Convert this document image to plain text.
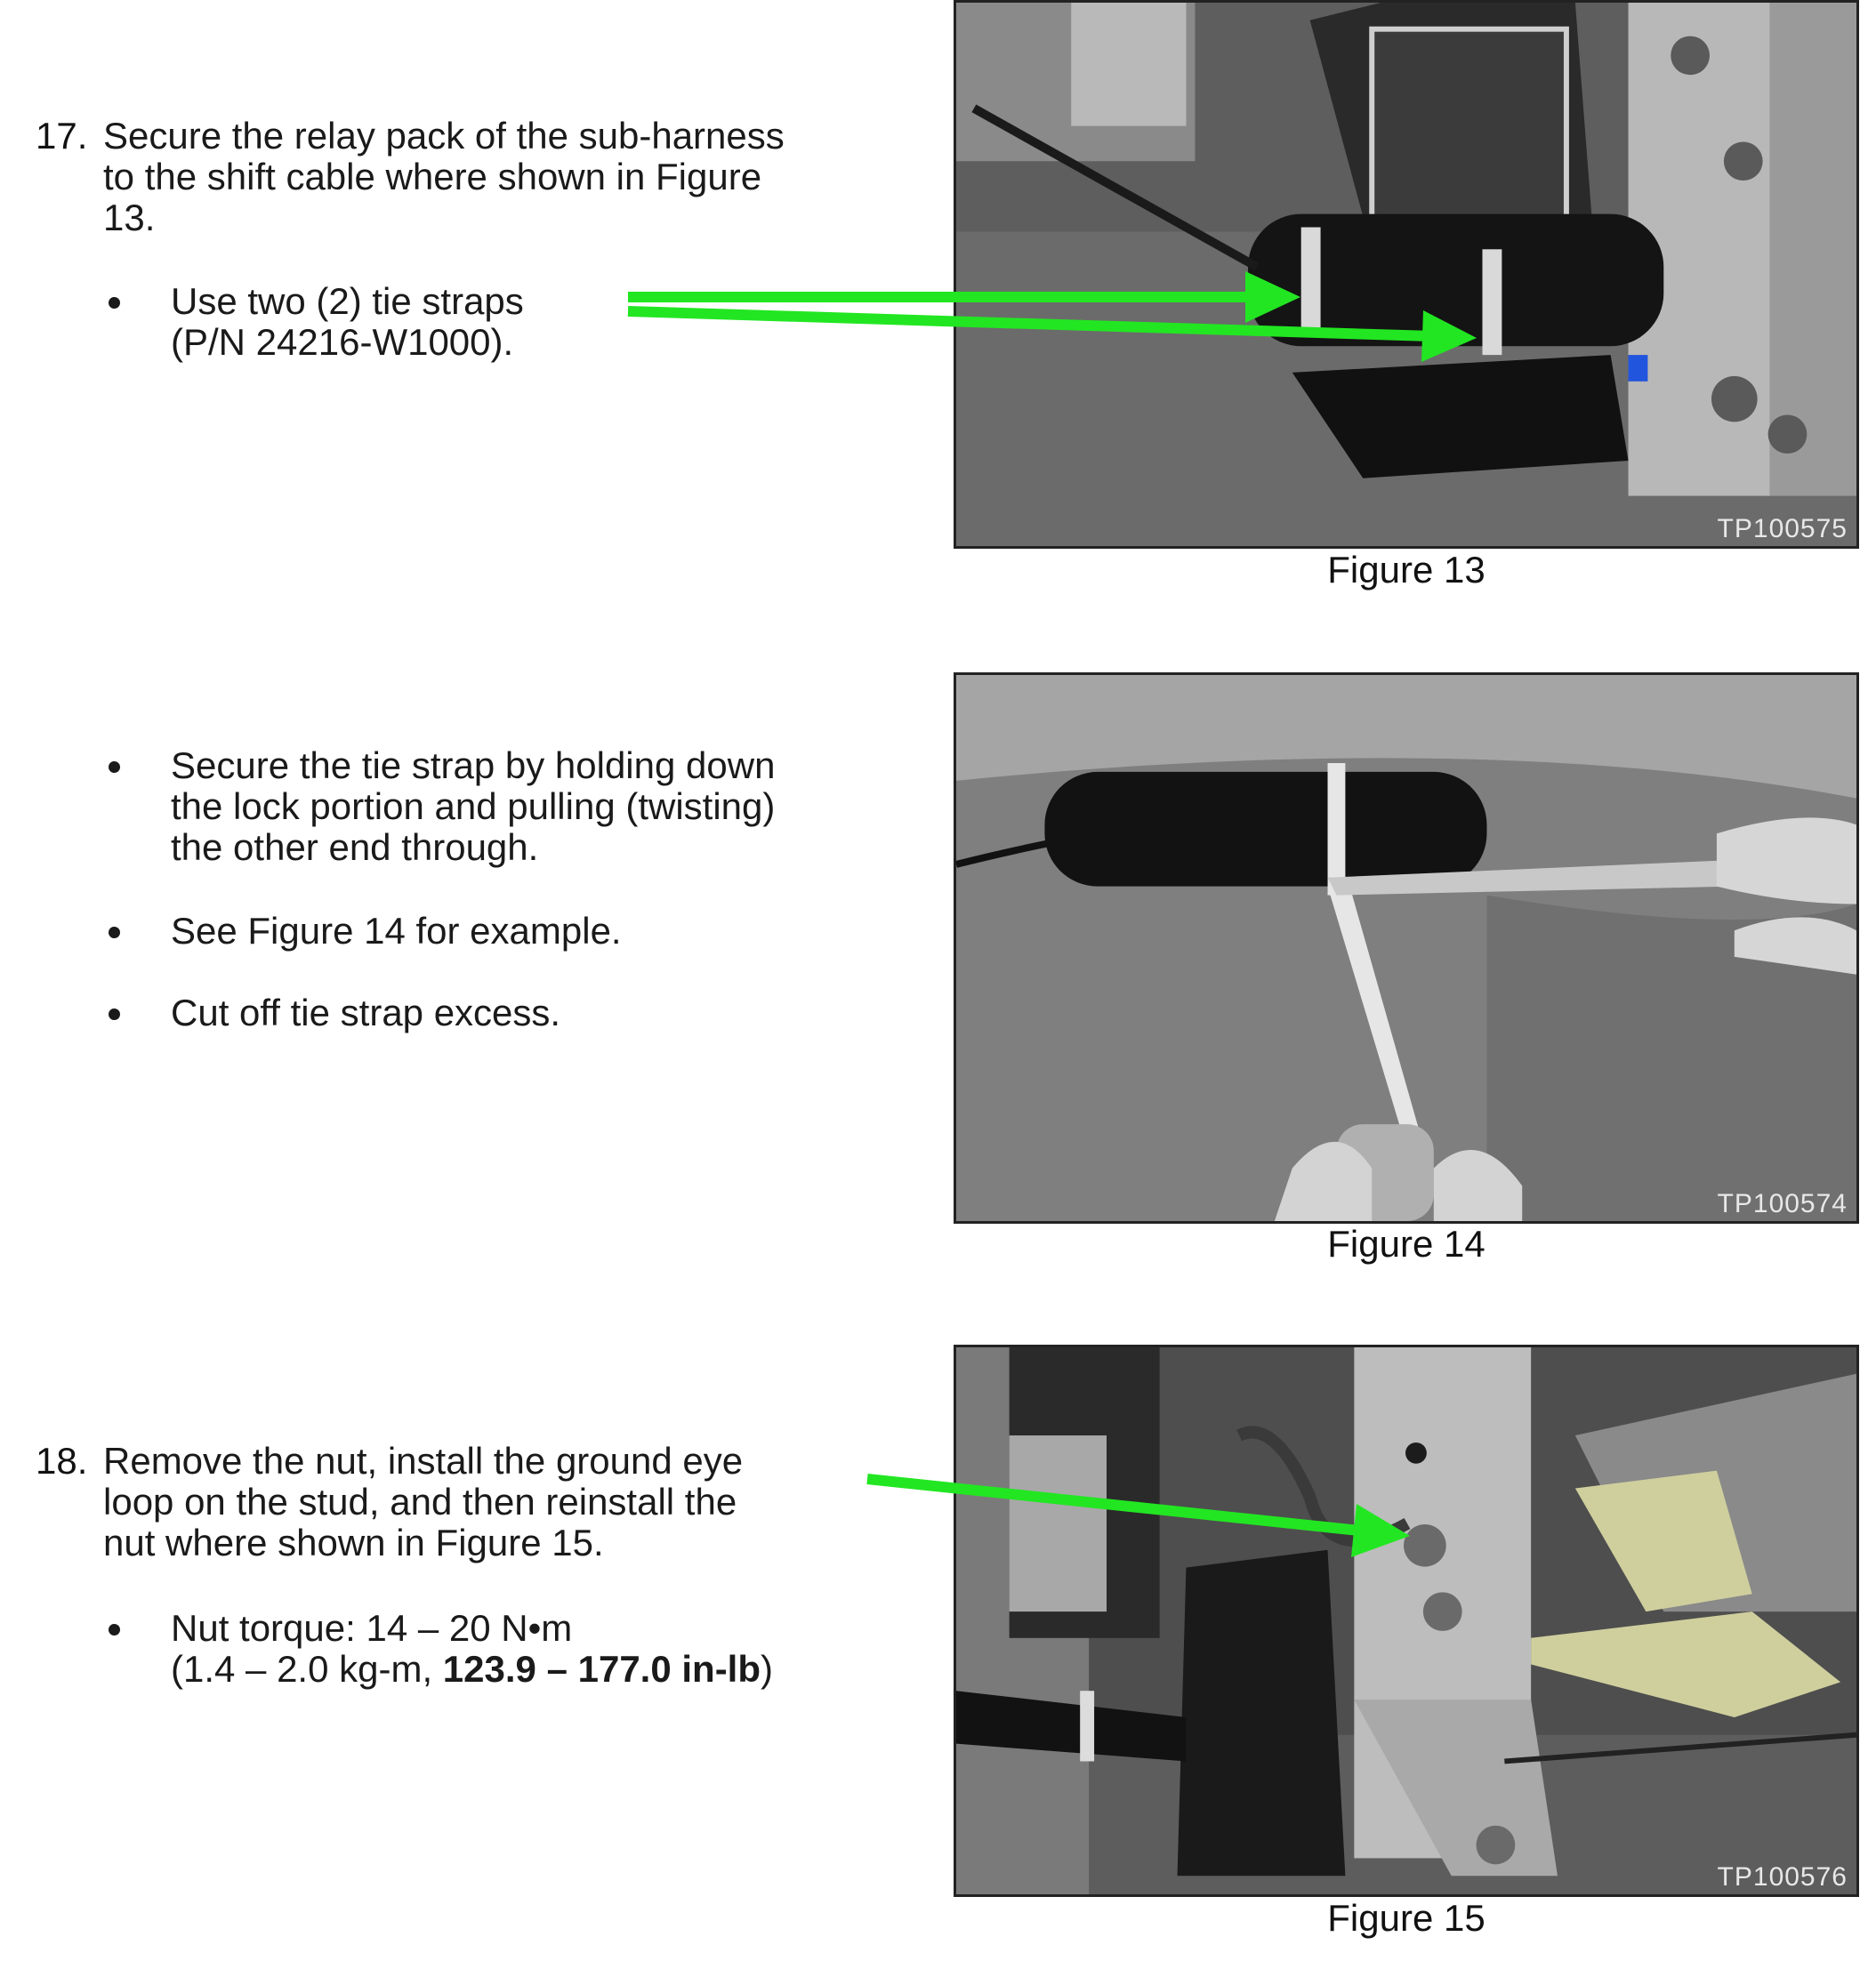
17. Secure the relay pack of the sub-harness
to the shift cable where shown in Figure
13.
Use two (2) tie straps
(P/N 24216-W1000).
Secure the tie strap by holding down
the lock portion and pulling (twisting)
the other end through.
See Figure 14 for example.
Cut off tie strap excess.
18. Remove the nut, install the ground eye
loop on the stud, and then reinstall the
nut where shown in Figure 15.
Nut torque: 14 – 20 N•m
(1.4 – 2.0 kg-m, 123.9 – 177.0 in-lb)
TP100575
Figure 13
TP100574
Figure 14
TP100576
Figure 15
